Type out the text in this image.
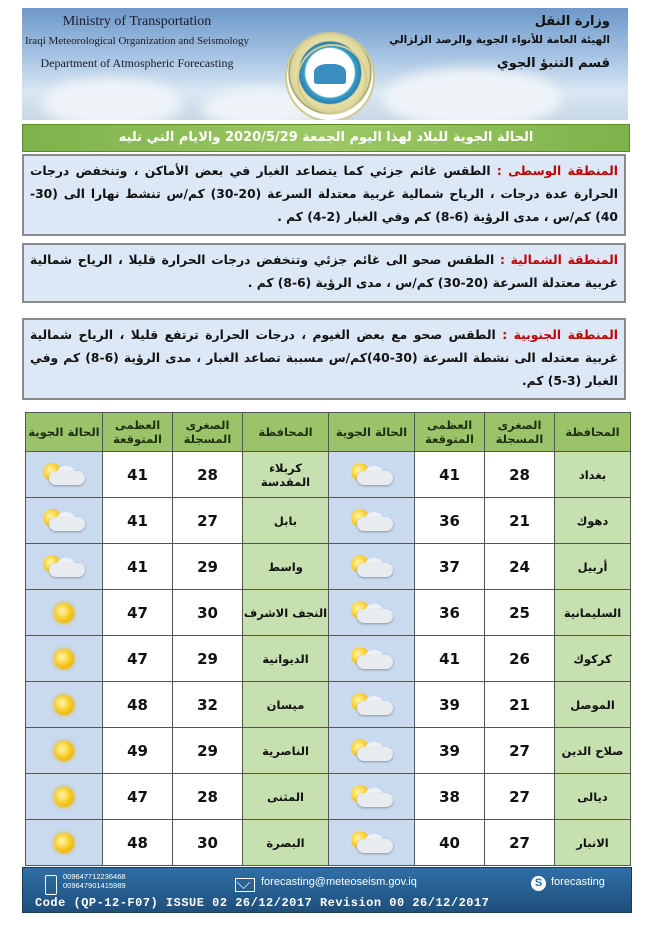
Ministry of Transportation
Iraqi Meteorological Organization and Seismology
Department of Atmospheric Forecasting
وزارة النقل
الهيئة العامة للأنواء الجوية والرصد الزلزالي
قسم التنبؤ الجوي
الحالة الجوية للبلاد لهذا اليوم الجمعة 2020/5/29 والايام التي تليه
المنطقة الوسطى : الطقس غائم جزئي كما يتصاعد الغبار في بعض الأماكن ، وتنخفض درجات الحرارة عدة درجات ، الرياح شمالية غربية معتدلة السرعة (20-30) كم/س تنشط نهارا الى (30-40) كم/س ، مدى الرؤية (6-8) كم وفي الغبار (2-4) كم .
المنطقة الشمالية : الطقس صحو الى غائم جزئي وتنخفض درجات الحرارة قليلا ، الرياح شمالية غربية معتدلة السرعة (20-30) كم/س ، مدى الرؤية (6-8) كم .
المنطقة الجنوبية : الطقس صحو مع بعض الغيوم ، درجات الحرارة ترتفع قليلا ، الرياح شمالية غربية معتدله الى نشطة السرعة (30-40)كم/س مسببة تصاعد الغبار ، مدى الرؤية (6-8) كم وفي الغبار (3-5) كم.
المحافظة	الصغرى المسجلة	العظمى المتوقعة	الحالة الجوية	المحافظة	الصغرى المسجلة	العظمى المتوقعة	الحالة الجوية
بغداد	28	41		كربلاء المقدسة	28	41	

دهوك	21	36		بابل	27	41	

أربيل	24	37		واسط	29	41	

السليمانية	25	36		النجف الاشرف	30	47	
كركوك	26	41		الديوانية	29	47	
الموصل	21	39		ميسان	32	48	
صلاح الدين	27	39		الناصرية	29	49	
ديالى	27	38		المثنى	28	47	
الانبار	27	40		البصرة	30	48	
009647712236468
009647901415989	forecasting@meteoseism.gov.iq	S forecasting
Code (QP-12-F07) ISSUE 02 26/12/2017 Revision 00 26/12/2017
